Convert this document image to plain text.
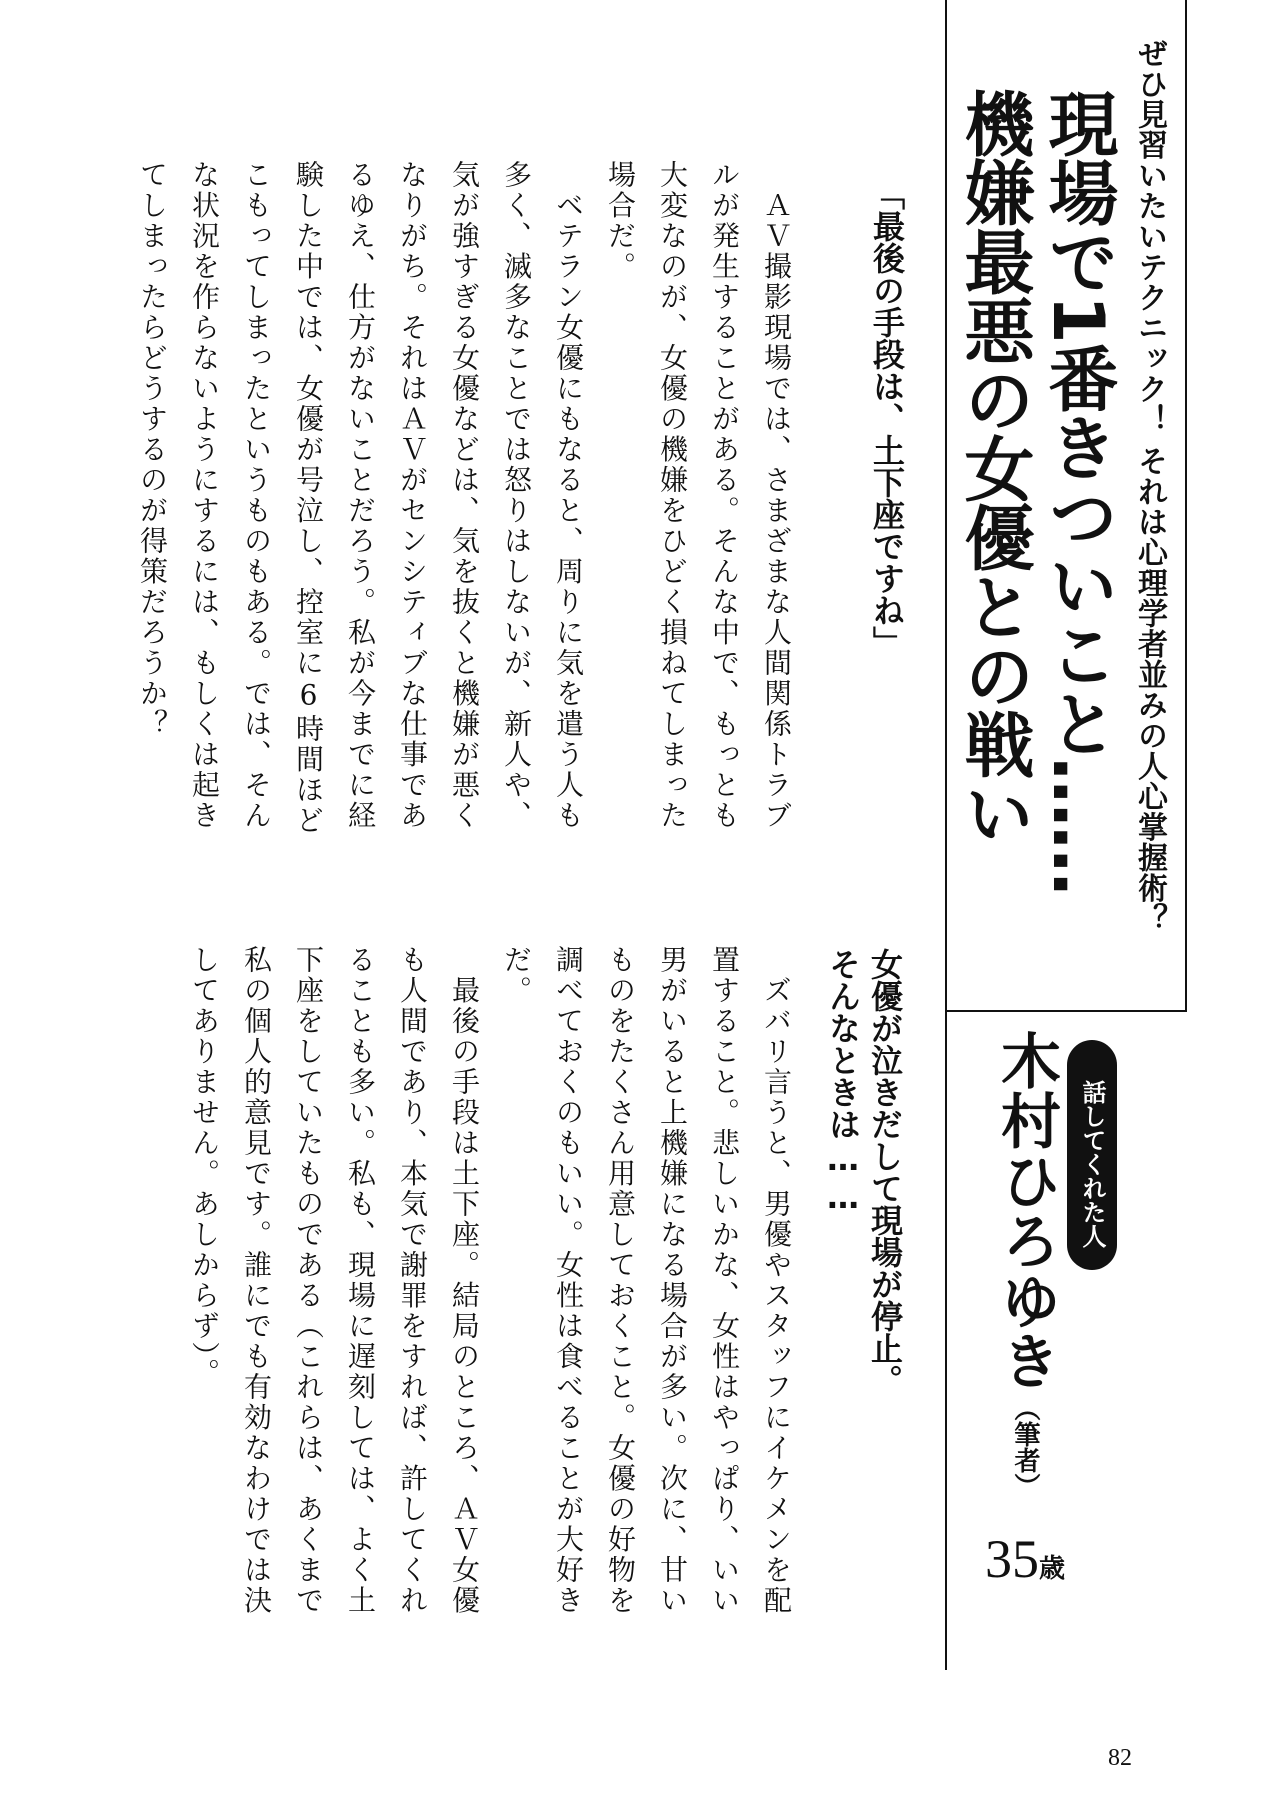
ぜひ見習いたいテクニック！ それは心理学者並みの人心掌握術？
現場で1番きついこと……
機嫌最悪の女優との戦い
話してくれた人
木村ひろゆき
（筆者）
35歳
「最後の手段は、土下座ですね」

　ＡＶ撮影現場では、さまざまな人間関係トラブ

ルが発生することがある。そんな中で、もっとも

大変なのが、女優の機嫌をひどく損ねてしまった

場合だ。

　ベテラン女優にもなると、周りに気を遣う人も

多く、滅多なことでは怒りはしないが、新人や、

気が強すぎる女優などは、気を抜くと機嫌が悪く

なりがち。それはＡＶがセンシティブな仕事であ

るゆえ、仕方がないことだろう。私が今までに経

験した中では、女優が号泣し、控室に6時間ほど

こもってしまったというものもある。では、そん

な状況を作らないようにするには、もしくは起き

てしまったらどうするのが得策だろうか？

女優が泣きだして現場が停止。
そんなときは……

　ズバリ言うと、男優やスタッフにイケメンを配

置すること。悲しいかな、女性はやっぱり、いい

男がいると上機嫌になる場合が多い。次に、甘い

ものをたくさん用意しておくこと。女優の好物を

調べておくのもいい。女性は食べることが大好き

だ。

　最後の手段は土下座。結局のところ、ＡＶ女優

も人間であり、本気で謝罪をすれば、許してくれ

ることも多い。私も、現場に遅刻しては、よく土

下座をしていたものである（これらは、あくまで

私の個人的意見です。誰にでも有効なわけでは決

してありません。あしからず）。

82
